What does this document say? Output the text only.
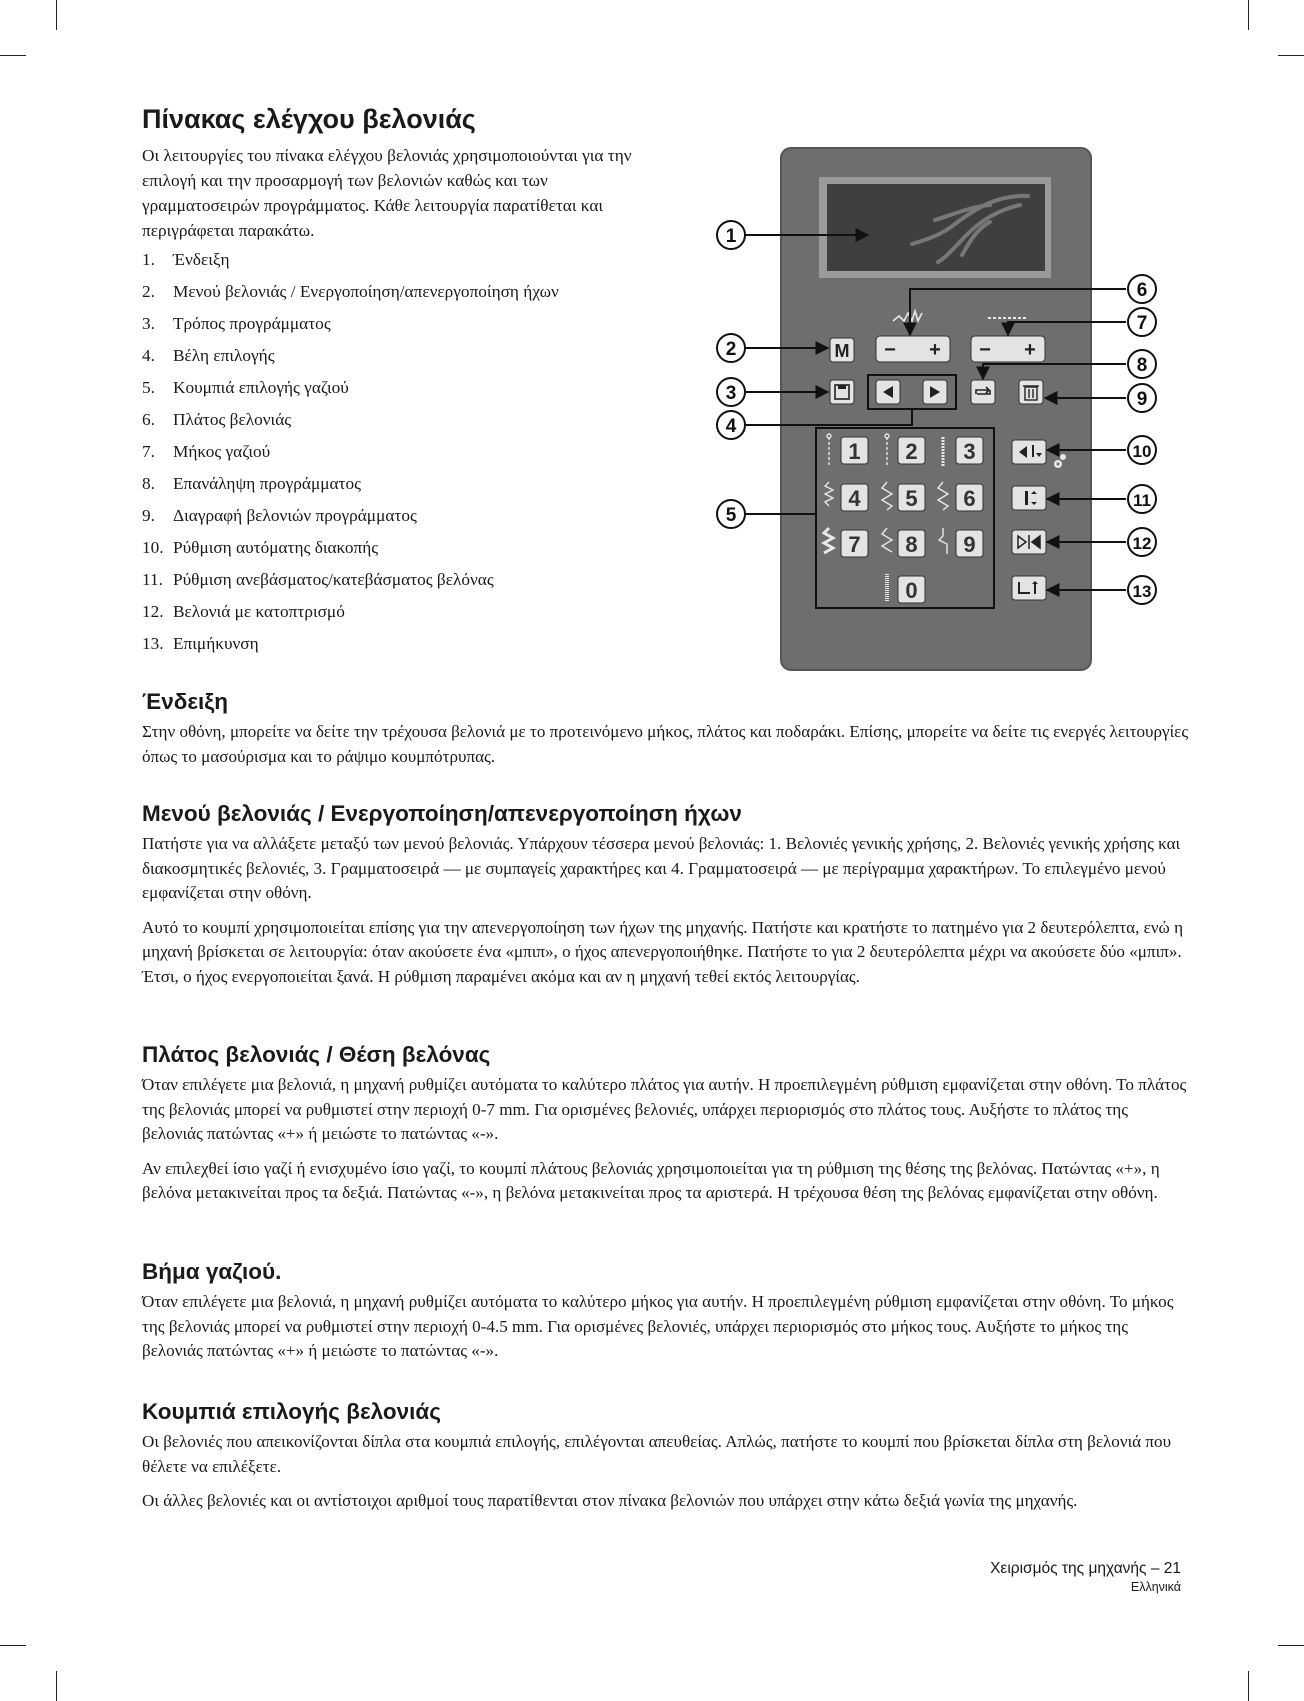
Πίνακας ελέγχου βελονιάς

Οι λειτουργίες του πίνακα ελέγχου βελονιάς χρησιμοποιούνται για την επιλογή και την προσαρμογή των βελονιών καθώς και των γραμματοσειρών προγράμματος. Κάθε λειτουργία παρατίθεται και περιγράφεται παρακάτω.

1.	Ένδειξη
2.	Μενού βελονιάς / Ενεργοποίηση/απενεργοποίηση ήχων
3.	Τρόπος προγράμματος
4.	Βέλη επιλογής
5.	Κουμπιά επιλογής γαζιού
6.	Πλάτος βελονιάς
7.	Μήκος γαζιού
8.	Επανάληψη προγράμματος
9.	Διαγραφή βελονιών προγράμματος
10. Ρύθμιση αυτόματης διακοπής
11. Ρύθμιση ανεβάσματος/κατεβάσματος βελόνας
12. Βελονιά με κατοπτρισμό
13. Επιμήκυνση
M − + − +
1 2 3
4 5 6
7 8 9
0
1
2
3
4
5
6
7
8
9
10
11
12
13
Ένδειξη

Στην οθόνη, μπορείτε να δείτε την τρέχουσα βελονιά με το προτεινόμενο μήκος, πλάτος και ποδαράκι. Επίσης, μπορείτε να δείτε τις ενεργές λειτουργίες όπως το μασούρισμα και το ράψιμο κουμπότρυπας.

Μενού βελονιάς / Ενεργοποίηση/απενεργοποίηση ήχων

Πατήστε για να αλλάξετε μεταξύ των μενού βελονιάς. Υπάρχουν τέσσερα μενού βελονιάς: 1. Βελονιές γενικής χρήσης, 2. Βελονιές γενικής χρήσης και διακοσμητικές βελονιές, 3. Γραμματοσειρά — με συμπαγείς χαρακτήρες και 4. Γραμματοσειρά — με περίγραμμα χαρακτήρων. Το επιλεγμένο μενού εμφανίζεται στην οθόνη.

Αυτό το κουμπί χρησιμοποιείται επίσης για την απενεργοποίηση των ήχων της μηχανής. Πατήστε και κρατήστε το πατημένο για 2 δευτερόλεπτα, ενώ η μηχανή βρίσκεται σε λειτουργία: όταν ακούσετε ένα «μπιπ», ο ήχος απενεργοποιήθηκε. Πατήστε το για 2 δευτερόλεπτα μέχρι να ακούσετε δύο «μπιπ». Έτσι, ο ήχος ενεργοποιείται ξανά. Η ρύθμιση παραμένει ακόμα και αν η μηχανή τεθεί εκτός λειτουργίας.

Πλάτος βελονιάς / Θέση βελόνας

Όταν επιλέγετε μια βελονιά, η μηχανή ρυθμίζει αυτόματα το καλύτερο πλάτος για αυτήν. Η προεπιλεγμένη ρύθμιση εμφανίζεται στην οθόνη. Το πλάτος της βελονιάς μπορεί να ρυθμιστεί στην περιοχή 0-7 mm. Για ορισμένες βελονιές, υπάρχει περιορισμός στο πλάτος τους. Αυξήστε το πλάτος της βελονιάς πατώντας «+» ή μειώστε το πατώντας «-».

Αν επιλεχθεί ίσιο γαζί ή ενισχυμένο ίσιο γαζί, το κουμπί πλάτους βελονιάς χρησιμοποιείται για τη ρύθμιση της θέσης της βελόνας. Πατώντας «+», η βελόνα μετακινείται προς τα δεξιά. Πατώντας «-», η βελόνα μετακινείται προς τα αριστερά. Η τρέχουσα θέση της βελόνας εμφανίζεται στην οθόνη.

Βήμα γαζιού.

Όταν επιλέγετε μια βελονιά, η μηχανή ρυθμίζει αυτόματα το καλύτερο μήκος για αυτήν. Η προεπιλεγμένη ρύθμιση εμφανίζεται στην οθόνη. Το μήκος της βελονιάς μπορεί να ρυθμιστεί στην περιοχή 0-4.5 mm. Για ορισμένες βελονιές, υπάρχει περιορισμός στο μήκος τους. Αυξήστε το μήκος της βελονιάς πατώντας «+» ή μειώστε το πατώντας «-».

Κουμπιά επιλογής βελονιάς

Οι βελονιές που απεικονίζονται δίπλα στα κουμπιά επιλογής, επιλέγονται απευθείας. Απλώς, πατήστε το κουμπί που βρίσκεται δίπλα στη βελονιά που θέλετε να επιλέξετε.

Οι άλλες βελονιές και οι αντίστοιχοι αριθμοί τους παρατίθενται στον πίνακα βελονιών που υπάρχει στην κάτω δεξιά γωνία της μηχανής.

Χειρισμός της μηχανής – 21
Ελληνικά
